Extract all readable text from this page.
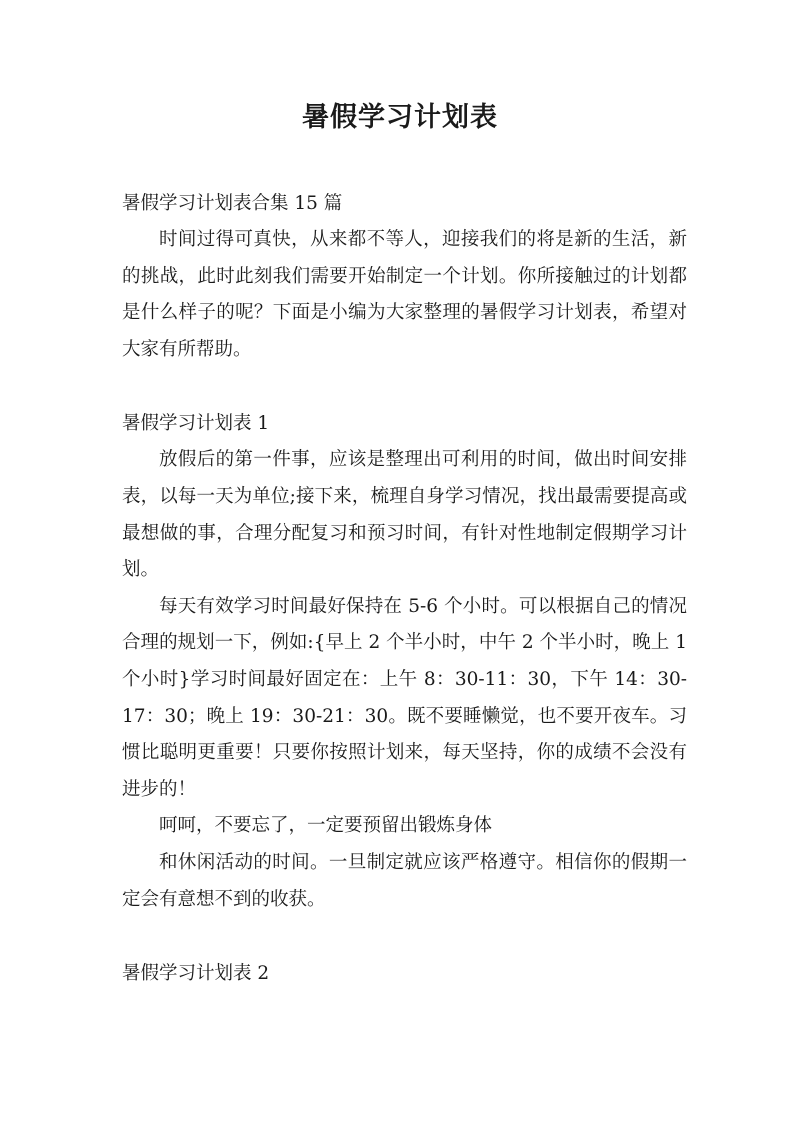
暑假学习计划表
暑假学习计划表合集 15 篇

时间过得可真快，从来都不等人，迎接我们的将是新的生活，新的挑战，此时此刻我们需要开始制定一个计划。你所接触过的计划都是什么样子的呢？下面是小编为大家整理的暑假学习计划表，希望对大家有所帮助。

暑假学习计划表 1

放假后的第一件事，应该是整理出可利用的时间，做出时间安排表，以每一天为单位;接下来，梳理自身学习情况，找出最需要提高或最想做的事，合理分配复习和预习时间，有针对性地制定假期学习计划。

每天有效学习时间最好保持在 5-6 个小时。可以根据自己的情况合理的规划一下，例如:{早上 2 个半小时，中午 2 个半小时，晚上 1 个小时}学习时间最好固定在：上午 8：30-11：30，下午 14：30-17：30；晚上 19：30-21：30。既不要睡懒觉，也不要开夜车。习惯比聪明更重要！只要你按照计划来，每天坚持，你的成绩不会没有进步的！

呵呵，不要忘了，一定要预留出锻炼身体

和休闲活动的时间。一旦制定就应该严格遵守。相信你的假期一定会有意想不到的收获。

暑假学习计划表 2
